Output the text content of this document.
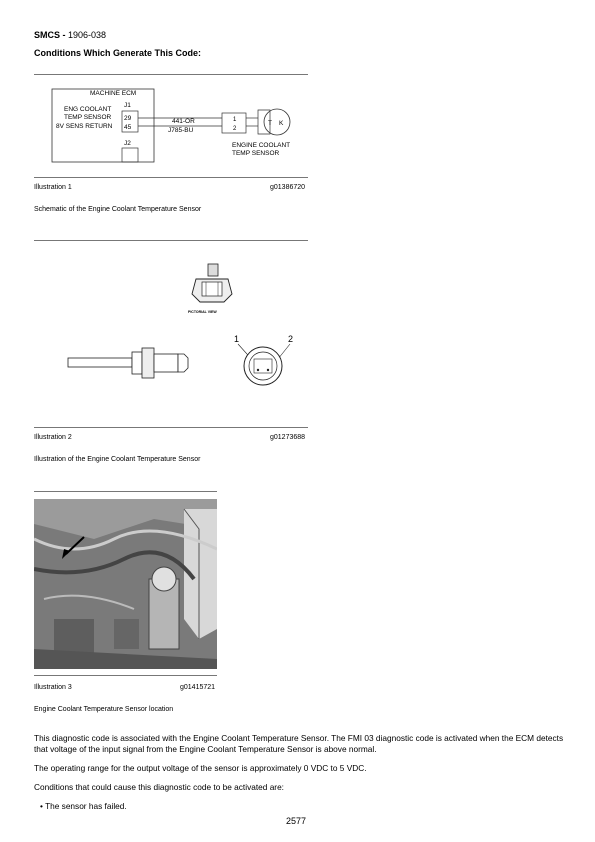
SMCS - 1906-038
Conditions Which Generate This Code:
MACHINE ECM
J1
ENG COOLANT
TEMP SENSOR
8V SENS RETURN
29
45
J2
441-OR
J785-BU
1
2
T K
ENGINE COOLANT
TEMP SENSOR
Illustration 1	g01386720
Schematic of the Engine Coolant Temperature Sensor
PICTORIAL VIEW
1	2
Illustration 2	g01273688
Illustration of the Engine Coolant Temperature Sensor
Illustration 3	g01415721
Engine Coolant Temperature Sensor location
This diagnostic code is associated with the Engine Coolant Temperature Sensor. The FMI 03 diagnostic code is activated when the ECM detects that voltage of the input signal from the Engine Coolant Temperature Sensor is above normal.
The operating range for the output voltage of the sensor is approximately 0 VDC to 5 VDC.
Conditions that could cause this diagnostic code to be activated are:
• The sensor has failed.
2577
